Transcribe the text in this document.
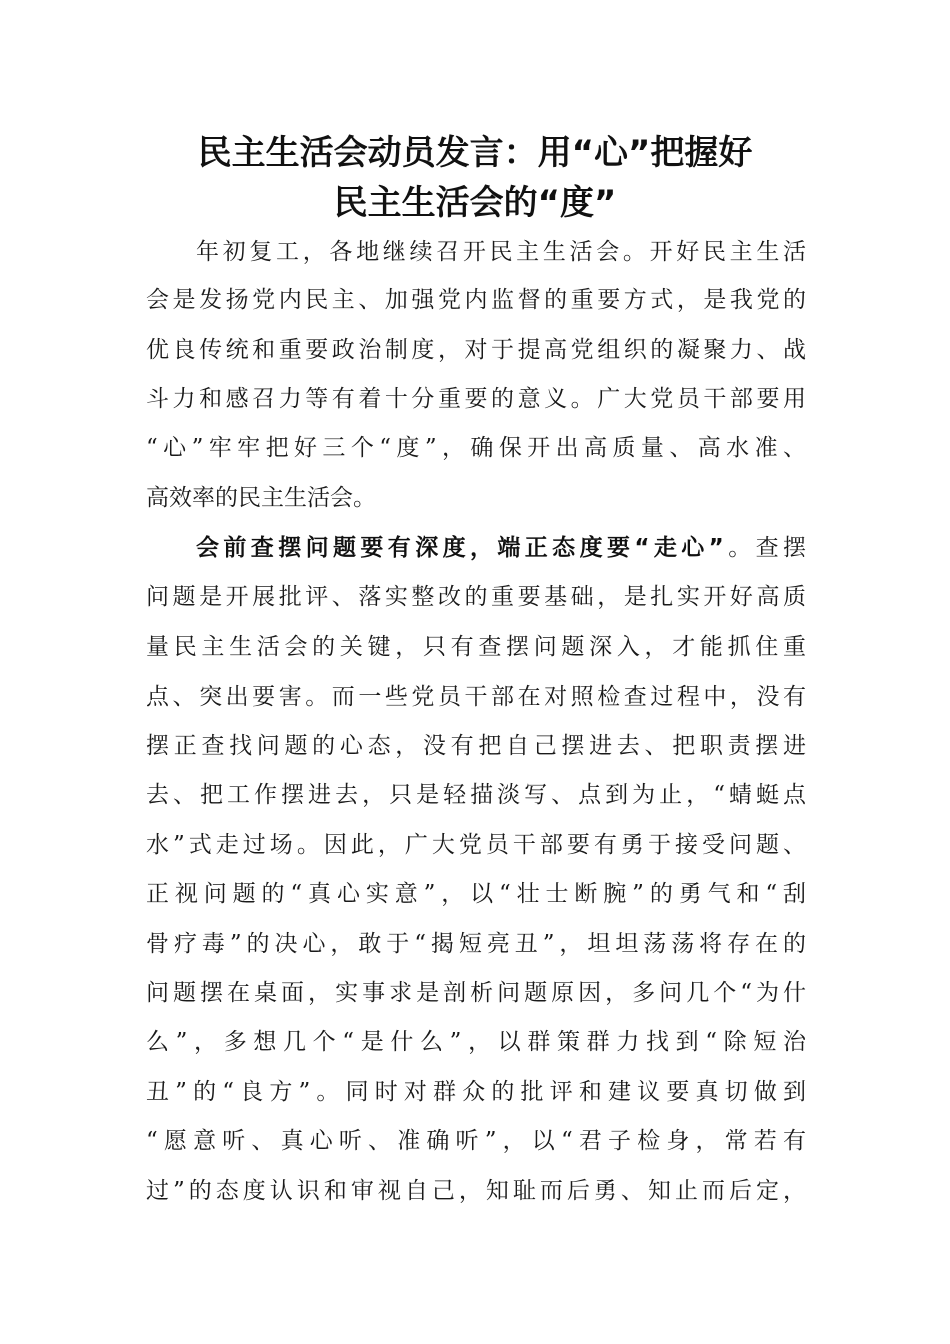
民主生活会动员发言：用“心”把握好
民主生活会的“度”
年初复工，各地继续召开民主生活会。开好民主生活
会是发扬党内民主、加强党内监督的重要方式，是我党的
优良传统和重要政治制度，对于提高党组织的凝聚力、战
斗力和感召力等有着十分重要的意义。广大党员干部要用
“心”牢牢把好三个“度”，确保开出高质量、高水准、
高效率的民主生活会。
会前查摆问题要有深度，端正态度要“走心”。查摆
问题是开展批评、落实整改的重要基础，是扎实开好高质
量民主生活会的关键，只有查摆问题深入，才能抓住重
点、突出要害。而一些党员干部在对照检查过程中，没有
摆正查找问题的心态，没有把自己摆进去、把职责摆进
去、把工作摆进去，只是轻描淡写、点到为止，“蜻蜓点
水”式走过场。因此，广大党员干部要有勇于接受问题、
正视问题的“真心实意”，以“壮士断腕”的勇气和“刮
骨疗毒”的决心，敢于“揭短亮丑”，坦坦荡荡将存在的
问题摆在桌面，实事求是剖析问题原因，多问几个“为什
么”，多想几个“是什么”，以群策群力找到“除短治
丑”的“良方”。同时对群众的批评和建议要真切做到
“愿意听、真心听、准确听”，以“君子检身，常若有
过”的态度认识和审视自己，知耻而后勇、知止而后定，
